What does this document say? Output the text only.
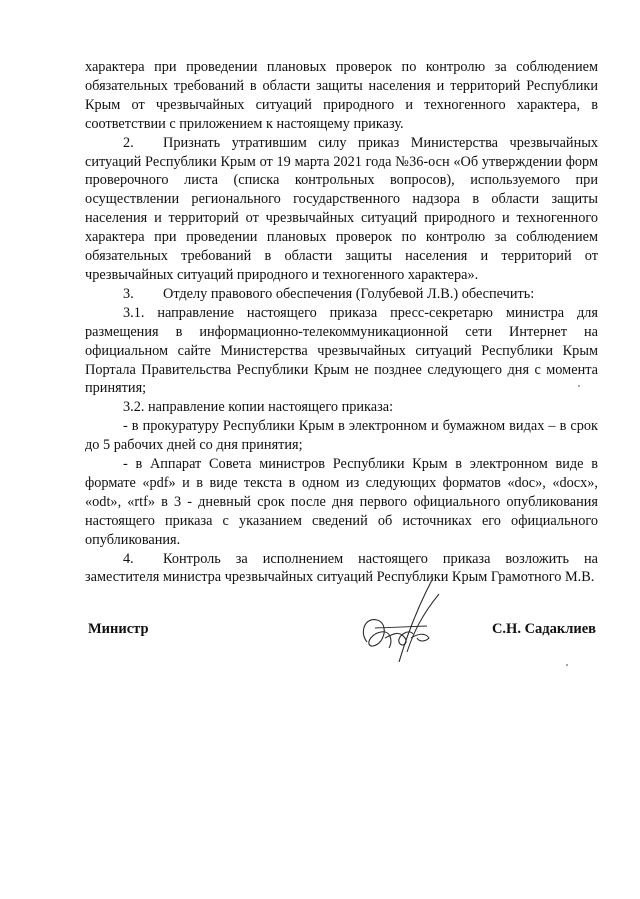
характера при проведении плановых проверок по контролю за соблюдением обязательных требований в области защиты населения и территорий Республики Крым от чрезвычайных ситуаций природного и техногенного характера, в соответствии с приложением к настоящему приказу.

2. Признать утратившим силу приказ Министерства чрезвычайных ситуаций Республики Крым от 19 марта 2021 года №36-осн «Об утверждении форм проверочного листа (списка контрольных вопросов), используемого при осуществлении регионального государственного надзора в области защиты населения и территорий от чрезвычайных ситуаций природного и техногенного характера при проведении плановых проверок по контролю за соблюдением обязательных требований в области защиты населения и территорий от чрезвычайных ситуаций природного и техногенного характера».

3. Отделу правового обеспечения (Голубевой Л.В.) обеспечить:

3.1. направление настоящего приказа пресс-секретарю министра для размещения в информационно-телекоммуникационной сети Интернет на официальном сайте Министерства чрезвычайных ситуаций Республики Крым Портала Правительства Республики Крым не позднее следующего дня с момента принятия;

3.2. направление копии настоящего приказа:

- в прокуратуру Республики Крым в электронном и бумажном видах – в срок до 5 рабочих дней со дня принятия;

- в Аппарат Совета министров Республики Крым в электронном виде в формате «pdf» и в виде текста в одном из следующих форматов «doc», «docx», «odt», «rtf» в 3 - дневный срок после дня первого официального опубликования настоящего приказа с указанием сведений об источниках его официального опубликования.

4. Контроль за исполнением настоящего приказа возложить на заместителя министра чрезвычайных ситуаций Республики Крым Грамотного М.В.

Министр	С.Н. Садаклиев
